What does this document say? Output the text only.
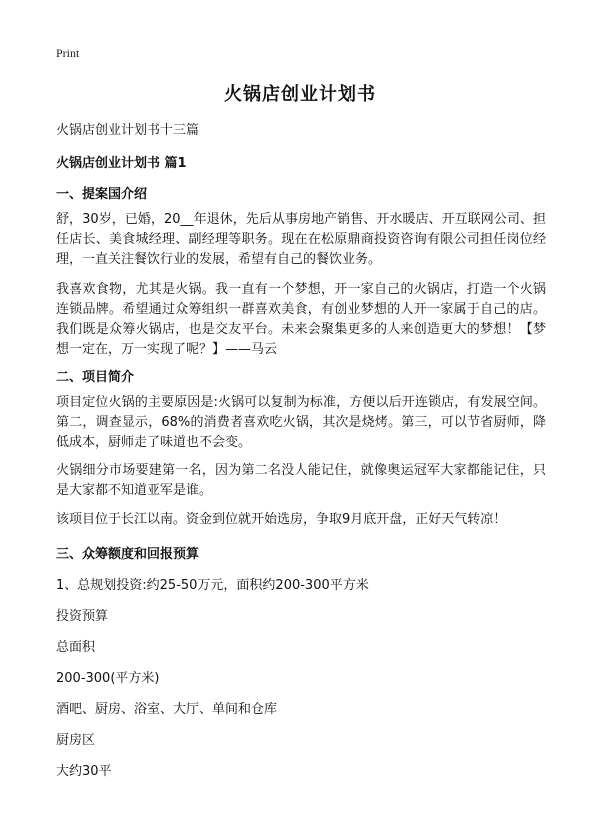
Print
火锅店创业计划书
火锅店创业计划书十三篇
火锅店创业计划书 篇1
一、提案国介绍
舒，30岁，已婚，20__年退休，先后从事房地产销售、开水暖店、开互联网公司、担任店长、美食城经理、副经理等职务。现在在松原鼎商投资咨询有限公司担任岗位经理，一直关注餐饮行业的发展，希望有自己的餐饮业务。
我喜欢食物，尤其是火锅。我一直有一个梦想，开一家自己的火锅店，打造一个火锅连锁品牌。希望通过众筹组织一群喜欢美食，有创业梦想的人开一家属于自己的店。我们既是众筹火锅店，也是交友平台。未来会聚集更多的人来创造更大的梦想！【梦想一定在，万一实现了呢？】——马云
二、项目简介
项目定位火锅的主要原因是:火锅可以复制为标准，方便以后开连锁店，有发展空间。第二，调查显示，68%的消费者喜欢吃火锅，其次是烧烤。第三，可以节省厨师，降低成本，厨师走了味道也不会变。
火锅细分市场要建第一名，因为第二名没人能记住，就像奥运冠军大家都能记住，只是大家都不知道亚军是谁。
该项目位于长江以南。资金到位就开始选房，争取9月底开盘，正好天气转凉！
三、众筹额度和回报预算
1、总规划投资:约25-50万元，面积约200-300平方米
投资预算
总面积
200-300(平方米)
酒吧、厨房、浴室、大厅、单间和仓库
厨房区
大约30平
